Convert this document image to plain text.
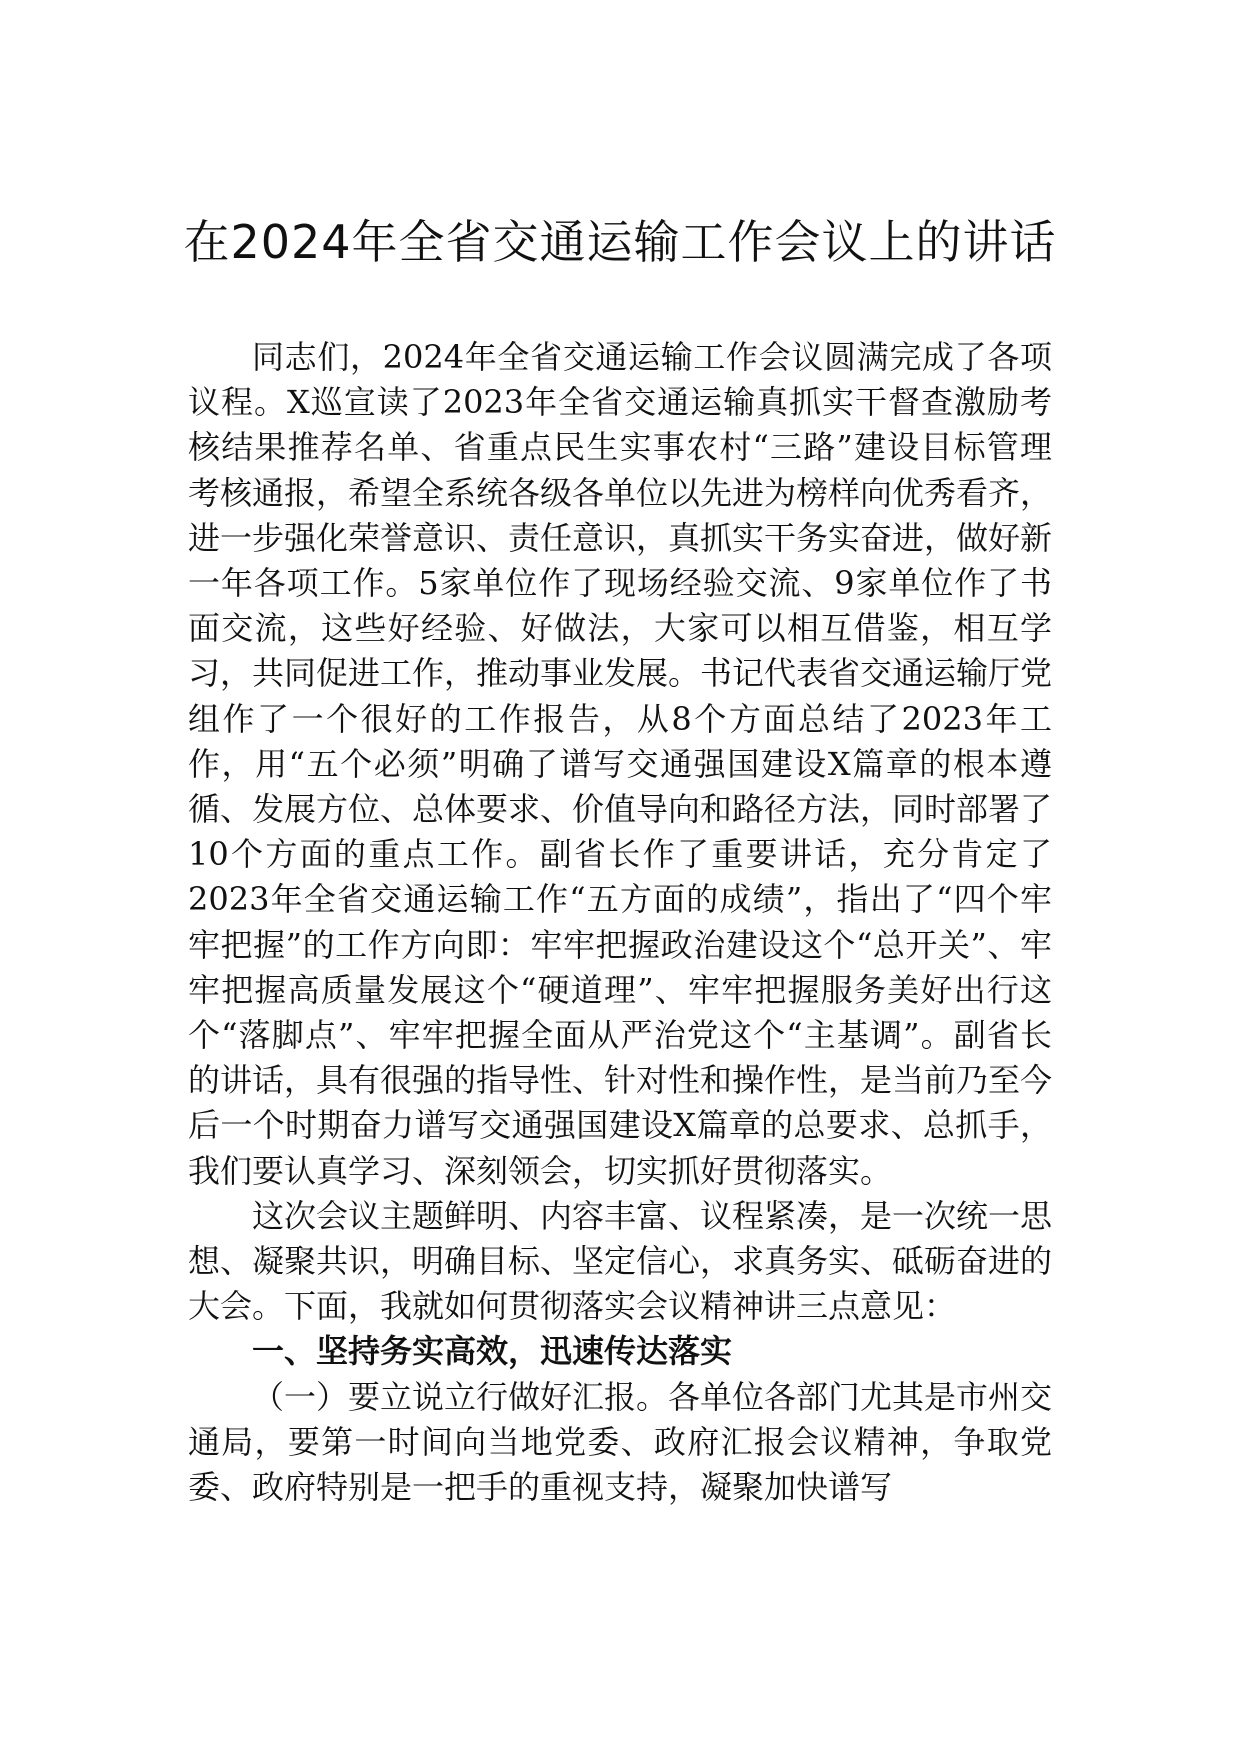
在2024年全省交通运输工作会议上的讲话

同志们，2024年全省交通运输工作会议圆满完成了各项议程。X巡宣读了2023年全省交通运输真抓实干督查激励考核结果推荐名单、省重点民生实事农村“三路”建设目标管理考核通报，希望全系统各级各单位以先进为榜样向优秀看齐，进一步强化荣誉意识、责任意识，真抓实干务实奋进，做好新一年各项工作。5家单位作了现场经验交流、9家单位作了书面交流，这些好经验、好做法，大家可以相互借鉴，相互学习，共同促进工作，推动事业发展。书记代表省交通运输厅党组作了一个很好的工作报告，从8个方面总结了2023年工作，用“五个必须”明确了谱写交通强国建设X篇章的根本遵循、发展方位、总体要求、价值导向和路径方法，同时部署了10个方面的重点工作。副省长作了重要讲话，充分肯定了2023年全省交通运输工作“五方面的成绩”，指出了“四个牢牢把握”的工作方向即：牢牢把握政治建设这个“总开关”、牢牢把握高质量发展这个“硬道理”、牢牢把握服务美好出行这个“落脚点”、牢牢把握全面从严治党这个“主基调”。副省长的讲话，具有很强的指导性、针对性和操作性，是当前乃至今后一个时期奋力谱写交通强国建设X篇章的总要求、总抓手，我们要认真学习、深刻领会，切实抓好贯彻落实。

这次会议主题鲜明、内容丰富、议程紧凑，是一次统一思想、凝聚共识，明确目标、坚定信心，求真务实、砥砺奋进的大会。下面，我就如何贯彻落实会议精神讲三点意见：

一、坚持务实高效，迅速传达落实

（一）要立说立行做好汇报。各单位各部门尤其是市州交通局，要第一时间向当地党委、政府汇报会议精神，争取党委、政府特别是一把手的重视支持，凝聚加快谱写
